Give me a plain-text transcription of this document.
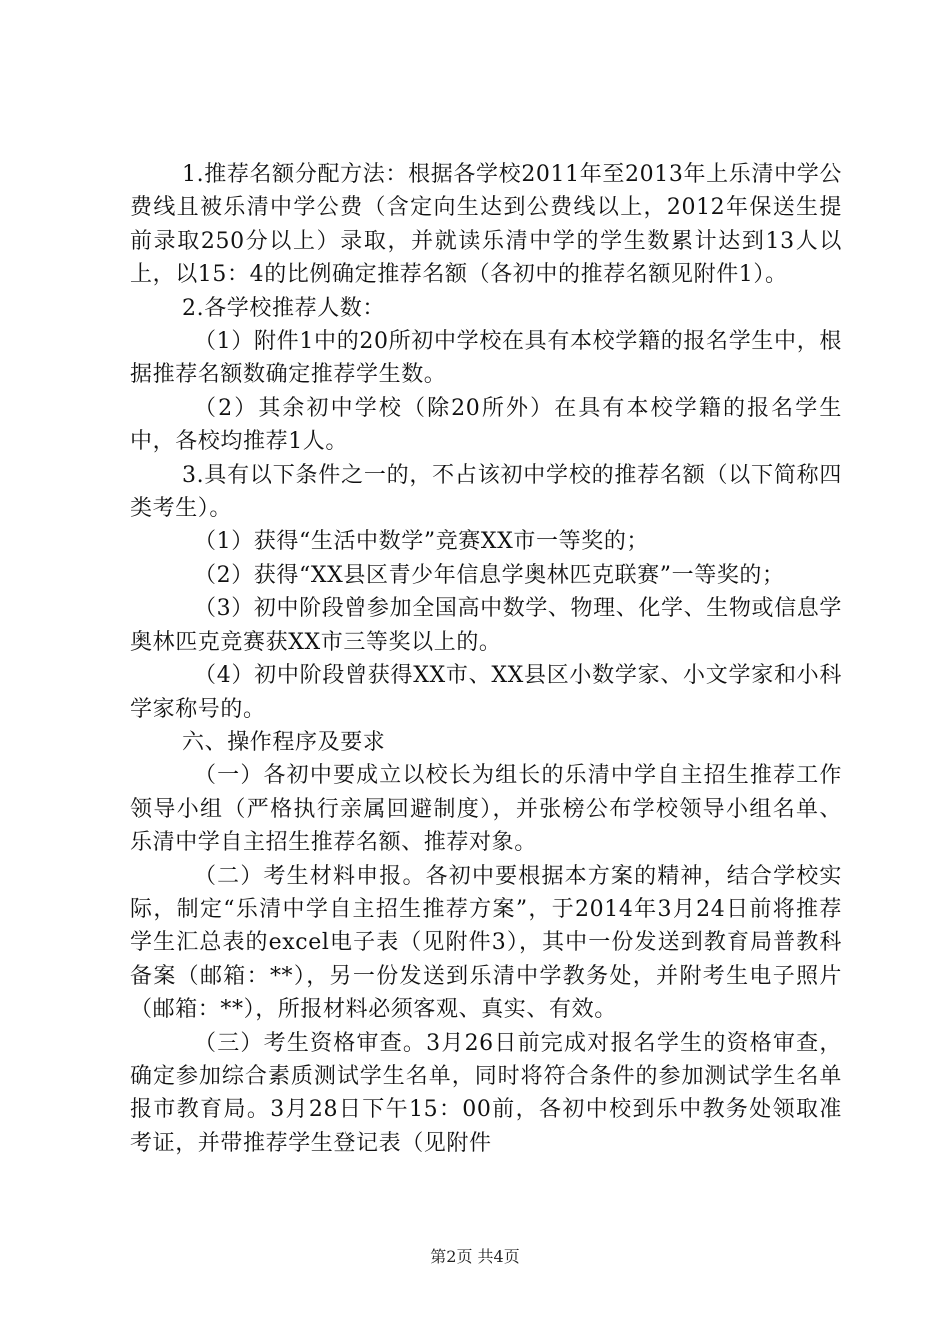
1.推荐名额分配方法：根据各学校2011年至2013年上乐清中学公费线且被乐清中学公费（含定向生达到公费线以上，2012年保送生提前录取250分以上）录取，并就读乐清中学的学生数累计达到13人以上，以15：4的比例确定推荐名额（各初中的推荐名额见附件1）。

2.各学校推荐人数：

（1）附件1中的20所初中学校在具有本校学籍的报名学生中，根据推荐名额数确定推荐学生数。

（2）其余初中学校（除20所外）在具有本校学籍的报名学生中，各校均推荐1人。

3.具有以下条件之一的，不占该初中学校的推荐名额（以下简称四类考生）。

（1）获得“生活中数学”竞赛XX市一等奖的；

（2）获得“XX县区青少年信息学奥林匹克联赛”一等奖的；

（3）初中阶段曾参加全国高中数学、物理、化学、生物或信息学奥林匹克竞赛获XX市三等奖以上的。

（4）初中阶段曾获得XX市、XX县区小数学家、小文学家和小科学家称号的。

六、操作程序及要求

（一）各初中要成立以校长为组长的乐清中学自主招生推荐工作领导小组（严格执行亲属回避制度），并张榜公布学校领导小组名单、乐清中学自主招生推荐名额、推荐对象。

（二）考生材料申报。各初中要根据本方案的精神，结合学校实际，制定“乐清中学自主招生推荐方案”，于2014年3月24日前将推荐学生汇总表的excel电子表（见附件3），其中一份发送到教育局普教科备案（邮箱：**），另一份发送到乐清中学教务处，并附考生电子照片（邮箱：**），所报材料必须客观、真实、有效。

（三）考生资格审查。3月26日前完成对报名学生的资格审查，确定参加综合素质测试学生名单，同时将符合条件的参加测试学生名单报市教育局。3月28日下午15：00前，各初中校到乐中教务处领取准考证，并带推荐学生登记表（见附件

第2页 共4页
